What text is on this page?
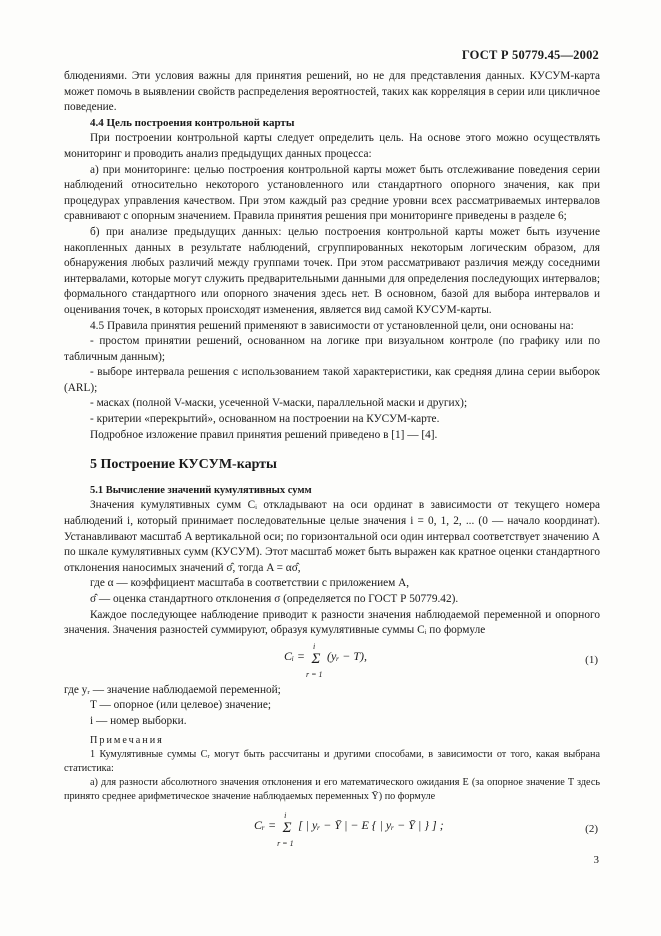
ГОСТ Р 50779.45—2002

блюдениями. Эти условия важны для принятия решений, но не для представления данных. КУСУМ-карта может помочь в выявлении свойств распределения вероятностей, таких как корреляция в серии или цикличное поведение.

4.4 Цель построения контрольной карты

При построении контрольной карты следует определить цель. На основе этого можно осуществлять мониторинг и проводить анализ предыдущих данных процесса:

а) при мониторинге: целью построения контрольной карты может быть отслеживание поведения серии наблюдений относительно некоторого установленного или стандартного опорного значения, как при процедурах управления качеством. При этом каждый раз средние уровни всех рассматриваемых интервалов сравнивают с опорным значением. Правила принятия решения при мониторинге приведены в разделе 6;

б) при анализе предыдущих данных: целью построения контрольной карты может быть изучение накопленных данных в результате наблюдений, сгруппированных некоторым логическим образом, для обнаружения любых различий между группами точек. При этом рассматривают различия между соседними интервалами, которые могут служить предварительными данными для определения последующих интервалов; формального стандартного или опорного значения здесь нет. В основном, базой для выбора интервалов и оценивания точек, в которых происходят изменения, является вид самой КУСУМ-карты.

4.5 Правила принятия решений применяют в зависимости от установленной цели, они основаны на:

- простом принятии решений, основанном на логике при визуальном контроле (по графику или по табличным данным);

- выборе интервала решения с использованием такой характеристики, как средняя длина серии выборок (ARL);

- масках (полной V-маски, усеченной V-маски, параллельной маски и других);

- критерии «перекрытий», основанном на построении на КУСУМ-карте.

Подробное изложение правил принятия решений приведено в [1] — [4].

5 Построение КУСУМ-карты

5.1 Вычисление значений кумулятивных сумм

Значения кумулятивных сумм Cᵢ откладывают на оси ординат в зависимости от текущего номера наблюдений i, который принимает последовательные целые значения i = 0, 1, 2, ... (0 — начало координат). Устанавливают масштаб A вертикальной оси; по горизонтальной оси один интервал соответствует значению A по шкале кумулятивных сумм (КУСУМ). Этот масштаб может быть выражен как кратное оценки стандартного отклонения наносимых значений σ̂, тогда A = ασ̂,

где α — коэффициент масштаба в соответствии с приложением А,

σ̂ — оценка стандартного отклонения σ (определяется по ГОСТ Р 50779.42).

Каждое последующее наблюдение приводит к разности значения наблюдаемой переменной и опорного значения. Значения разностей суммируют, образуя кумулятивные суммы Cᵢ по формуле

Cᵢ =
i
Σ
r = 1
(yᵣ − T),	(1)

где yᵣ — значение наблюдаемой переменной;

T — опорное (или целевое) значение;

i — номер выборки.

Примечания

1 Кумулятивные суммы Cᵣ могут быть рассчитаны и другими способами, в зависимости от того, какая выбрана статистика:

а) для разности абсолютного значения отклонения и его математического ожидания E (за опорное значение T здесь принято среднее арифметическое значение наблюдаемых переменных Ȳ) по формуле

Cᵣ =
i
Σ
r = 1
[ | yᵣ − Ȳ | − E { | yᵣ − Ȳ | } ] ;	(2)
3
